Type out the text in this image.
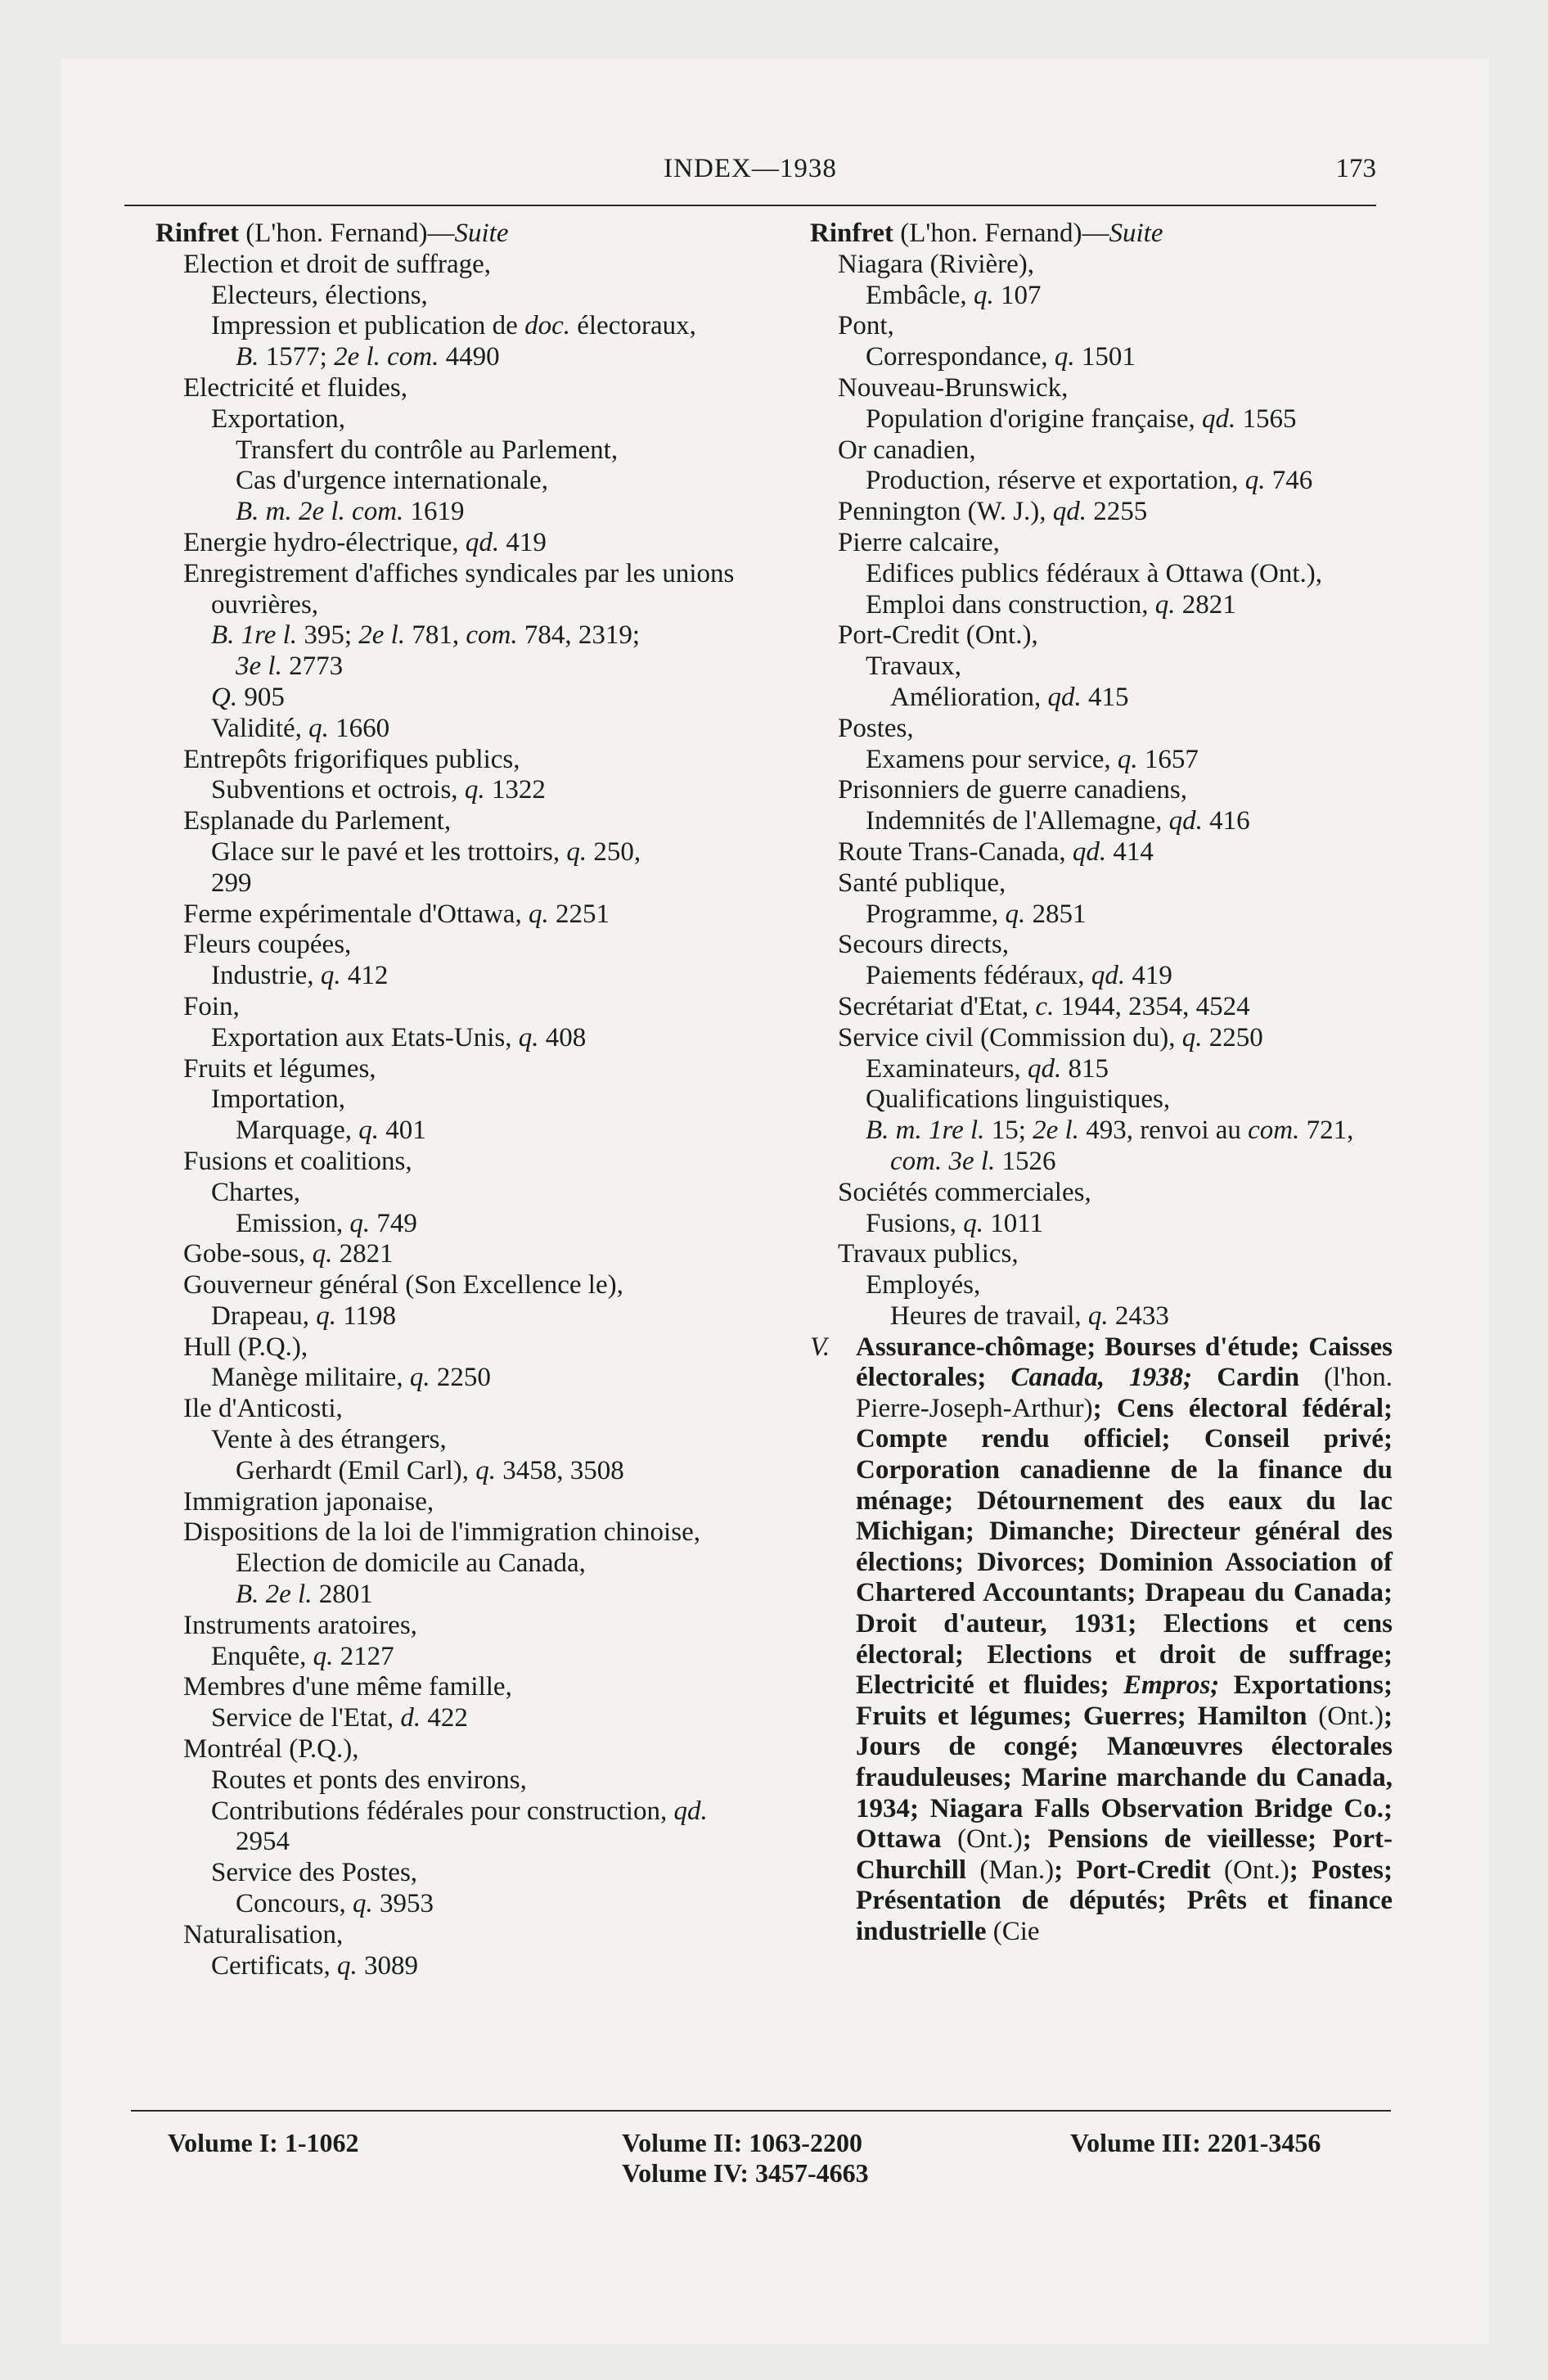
INDEX—1938	173
Rinfret (L'hon. Fernand)—Suite
Election et droit de suffrage,
Electeurs, élections,
Impression et publication de doc. électoraux,
B. 1577; 2e l. com. 4490
Electricité et fluides,
Exportation,
Transfert du contrôle au Parlement,
Cas d'urgence internationale,
B. m. 2e l. com. 1619
Energie hydro-électrique, qd. 419
Enregistrement d'affiches syndicales par les unions ouvrières,
B. 1re l. 395; 2e l. 781, com. 784, 2319;
3e l. 2773
Q. 905
Validité, q. 1660
Entrepôts frigorifiques publics,
Subventions et octrois, q. 1322
Esplanade du Parlement,
Glace sur le pavé et les trottoirs, q. 250,
299
Ferme expérimentale d'Ottawa, q. 2251
Fleurs coupées,
Industrie, q. 412
Foin,
Exportation aux Etats-Unis, q. 408
Fruits et légumes,
Importation,
Marquage, q. 401
Fusions et coalitions,
Chartes,
Emission, q. 749
Gobe-sous, q. 2821
Gouverneur général (Son Excellence le),
Drapeau, q. 1198
Hull (P.Q.),
Manège militaire, q. 2250
Ile d'Anticosti,
Vente à des étrangers,
Gerhardt (Emil Carl), q. 3458, 3508
Immigration japonaise,
Dispositions de la loi de l'immigration chinoise,
Election de domicile au Canada,
B. 2e l. 2801
Instruments aratoires,
Enquête, q. 2127
Membres d'une même famille,
Service de l'Etat, d. 422
Montréal (P.Q.),
Routes et ponts des environs,
Contributions fédérales pour construction, qd. 2954
Service des Postes,
Concours, q. 3953
Naturalisation,
Certificats, q. 3089
Rinfret (L'hon. Fernand)—Suite
Niagara (Rivière),
Embâcle, q. 107
Pont,
Correspondance, q. 1501
Nouveau-Brunswick,
Population d'origine française, qd. 1565
Or canadien,
Production, réserve et exportation, q. 746
Pennington (W. J.), qd. 2255
Pierre calcaire,
Edifices publics fédéraux à Ottawa (Ont.),
Emploi dans construction, q. 2821
Port-Credit (Ont.),
Travaux,
Amélioration, qd. 415
Postes,
Examens pour service, q. 1657
Prisonniers de guerre canadiens,
Indemnités de l'Allemagne, qd. 416
Route Trans-Canada, qd. 414
Santé publique,
Programme, q. 2851
Secours directs,
Paiements fédéraux, qd. 419
Secrétariat d'Etat, c. 1944, 2354, 4524
Service civil (Commission du), q. 2250
Examinateurs, qd. 815
Qualifications linguistiques,
B. m. 1re l. 15; 2e l. 493, renvoi au com. 721, com. 3e l. 1526
Sociétés commerciales,
Fusions, q. 1011
Travaux publics,
Employés,
Heures de travail, q. 2433
V. Assurance-chômage; Bourses d'étude; Caisses électorales; Canada, 1938; Cardin (l'hon. Pierre-Joseph-Arthur); Cens électoral fédéral; Compte rendu officiel; Conseil privé; Corporation canadienne de la finance du ménage; Détournement des eaux du lac Michigan; Dimanche; Directeur général des élections; Divorces; Dominion Association of Chartered Accountants; Drapeau du Canada; Droit d'auteur, 1931; Elections et cens électoral; Elections et droit de suffrage; Electricité et fluides; Empros; Exportations; Fruits et légumes; Guerres; Hamilton (Ont.); Jours de congé; Manœuvres électorales frauduleuses; Marine marchande du Canada, 1934; Niagara Falls Observation Bridge Co.; Ottawa (Ont.); Pensions de vieillesse; Port-Churchill (Man.); Port-Credit (Ont.); Postes; Présentation de députés; Prêts et finance industrielle (Cie
Volume I: 1-1062	Volume II: 1063-2200
Volume IV: 3457-4663
Volume III: 2201-3456
